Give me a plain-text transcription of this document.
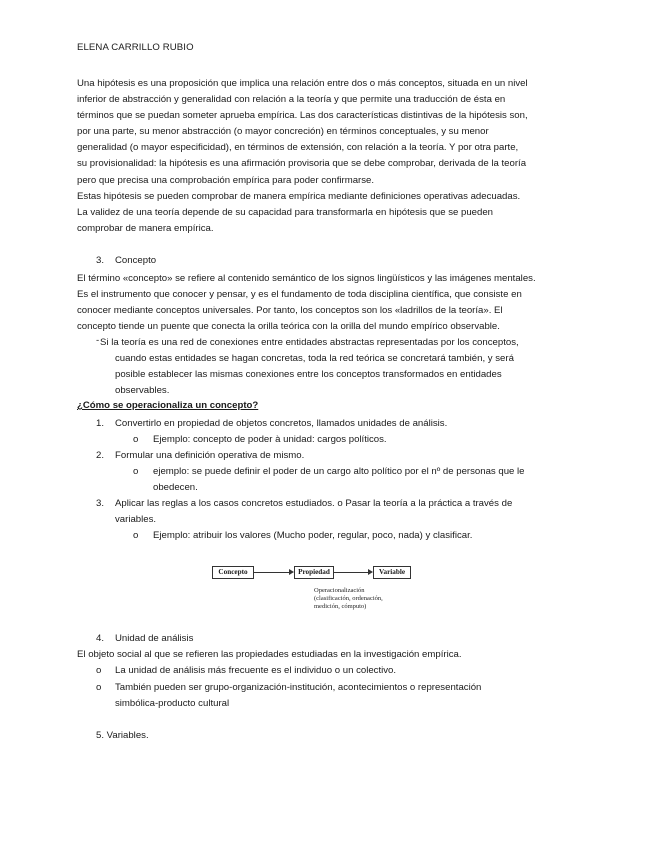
ELENA CARRILLO RUBIO
Una hipótesis es una proposición que implica una relación entre dos o más conceptos, situada en un nivel
inferior de abstracción y generalidad con relación a la teoría y que permite una traducción de ésta en
términos que se puedan someter aprueba empírica. Las dos características distintivas de la hipótesis son,
por una parte, su menor abstracción (o mayor concreción) en términos conceptuales, y su menor
generalidad (o mayor especificidad), en términos de extensión, con relación a la teoría. Y por otra parte,
su provisionalidad: la hipótesis es una afirmación provisoria que se debe comprobar, derivada de la teoría
pero que precisa una comprobación empírica para poder confirmarse.
Estas hipótesis se pueden comprobar de manera empírica mediante definiciones operativas adecuadas.
La validez de una teoría depende de su capacidad para transformarla en hipótesis que se pueden
comprobar de manera empírica.
3. Concepto
El término «concepto» se refiere al contenido semántico de los signos lingüísticos y las imágenes mentales.
Es el instrumento que conocer y pensar, y es el fundamento de toda disciplina científica, que consiste en
conocer mediante conceptos universales. Por tanto, los conceptos son los «ladrillos de la teoría». El
concepto tiende un puente que conecta la orilla teórica con la orilla del mundo empírico observable.
- Si la teoría es una red de conexiones entre entidades abstractas representadas por los conceptos,
cuando estas entidades se hagan concretas, toda la red teórica se concretará también, y será
posible establecer las mismas conexiones entre los conceptos transformados en entidades
observables.
¿Cómo se operacionaliza un concepto?
1. Convertirlo en propiedad de objetos concretos, llamados unidades de análisis.
o Ejemplo: concepto de poder à unidad: cargos políticos.
2. Formular una definición operativa de mismo.
o ejemplo: se puede definir el poder de un cargo alto político por el nº de personas que le
obedecen.
3. Aplicar las reglas a los casos concretos estudiados. o Pasar la teoría a la práctica a través de
variables.
o Ejemplo: atribuir los valores (Mucho poder, regular, poco, nada) y clasificar.
Concepto	Propiedad	Variable
Operacionalización
(clasificación, ordenación,
medición, cómputo)
4. Unidad de análisis
El objeto social al que se refieren las propiedades estudiadas en la investigación empírica.
o La unidad de análisis más frecuente es el individuo o un colectivo.
o También pueden ser grupo-organización-institución, acontecimientos o representación
simbólica-producto cultural
5. Variables.
